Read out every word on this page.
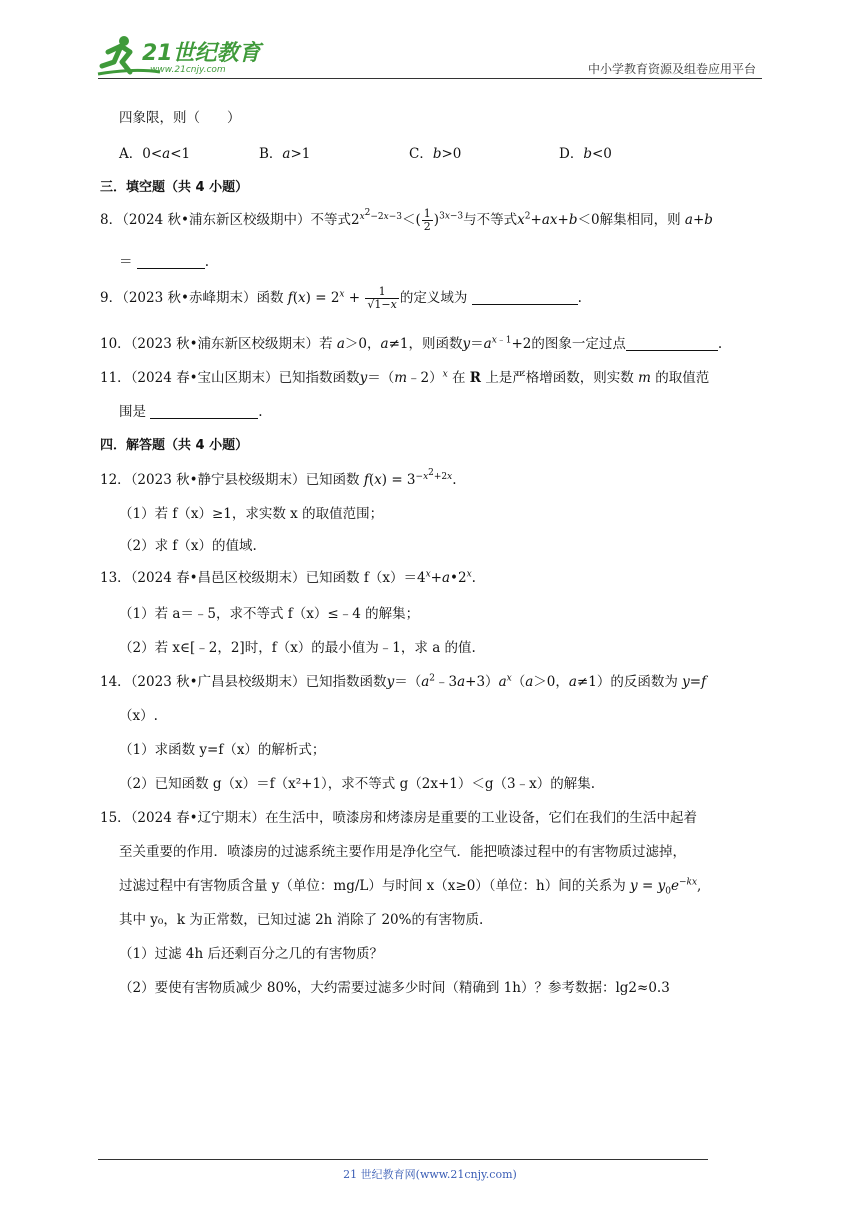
21世纪教育
www.21cnjy.com	中小学教育资源及组卷应用平台
四象限，则（　　）
A．0<a<1	B．a>1	C．b>0	D．b<0
三．填空题（共 4 小题）
8．（2024 秋•浦东新区校级期中）不等式$2^{x^2-2x-3}<( \frac{1}{2} )^{3x-3}$与不等式$x^2+ax+b<0$解集相同，则 a+b
＝	.
9．（2023 秋•赤峰期末）函数 $f(x) = 2^x + \frac{1}{√1-x}$ 的定义域为	.
10．（2023 秋•浦东新区校级期末）若 a＞0，a≠1，则函数$y=a^{x﹣1}+2$的图象一定过点	.
11．（2024 春•宝山区期末）已知指数函数y＝（m﹣2）$^x$ 在 R 上是严格增函数，则实数 m 的取值范
围是	.
四．解答题（共 4 小题）
12．（2023 秋•静宁县校级期末）已知函数 $f(x) = 3^{-x^2+2x}$.
（1）若 f（x）≥1，求实数 x 的取值范围；
（2）求 f（x）的值域.
13．（2024 春•昌邑区校级期末）已知函数 $f(x)=4^x+a•2^x$.
（1）若 a＝﹣5，求不等式 f（x）≤﹣4 的解集；
（2）若 x∈[﹣2，2]时，f（x）的最小值为﹣1，求 a 的值.
14．（2023 秋•广昌县校级期末）已知指数函数$y=(a^2﹣3a+3)a^x(a>0$，a≠1）的反函数为 y=f
（x）.
（1）求函数 y=f（x）的解析式；
（2）已知函数 g（x）＝f（x²+1），求不等式 g（2x+1）＜g（3﹣x）的解集.
15．（2024 春•辽宁期末）在生活中，喷漆房和烤漆房是重要的工业设备，它们在我们的生活中起着
至关重要的作用．喷漆房的过滤系统主要作用是净化空气．能把喷漆过程中的有害物质过滤掉，
过滤过程中有害物质含量 y（单位：mg/L）与时间 x（x≥0）（单位：h）间的关系为 $y = y_0e^{-kx}$,
其中 y₀，k 为正常数，已知过滤 2h 消除了 20%的有害物质.
（1）过滤 4h 后还剩百分之几的有害物质？
（2）要使有害物质减少 80%，大约需要过滤多少时间（精确到 1h）？参考数据：lg2≈0.3
21 世纪教育网(www.21cnjy.com)
